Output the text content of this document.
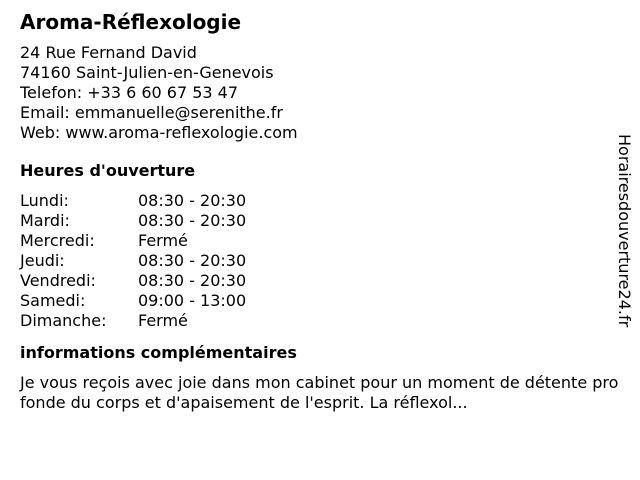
Aroma-Réflexologie
24 Rue Fernand David
74160 Saint-Julien-en-Genevois
Telefon: +33 6 60 67 53 47
Email: emmanuelle@serenithe.fr
Web: www.aroma-reflexologie.com
Heures d'ouverture
Lundi:	08:30 - 20:30
Mardi:	08:30 - 20:30
Mercredi:	Fermé
Jeudi:	08:30 - 20:30
Vendredi:	08:30 - 20:30
Samedi:	09:00 - 13:00
Dimanche:	Fermé
informations complémentaires
Je vous reçois avec joie dans mon cabinet pour un moment de détente profonde du corps et d'apaisement de l'esprit. La réflexol...
Horairesdouverture24.fr
